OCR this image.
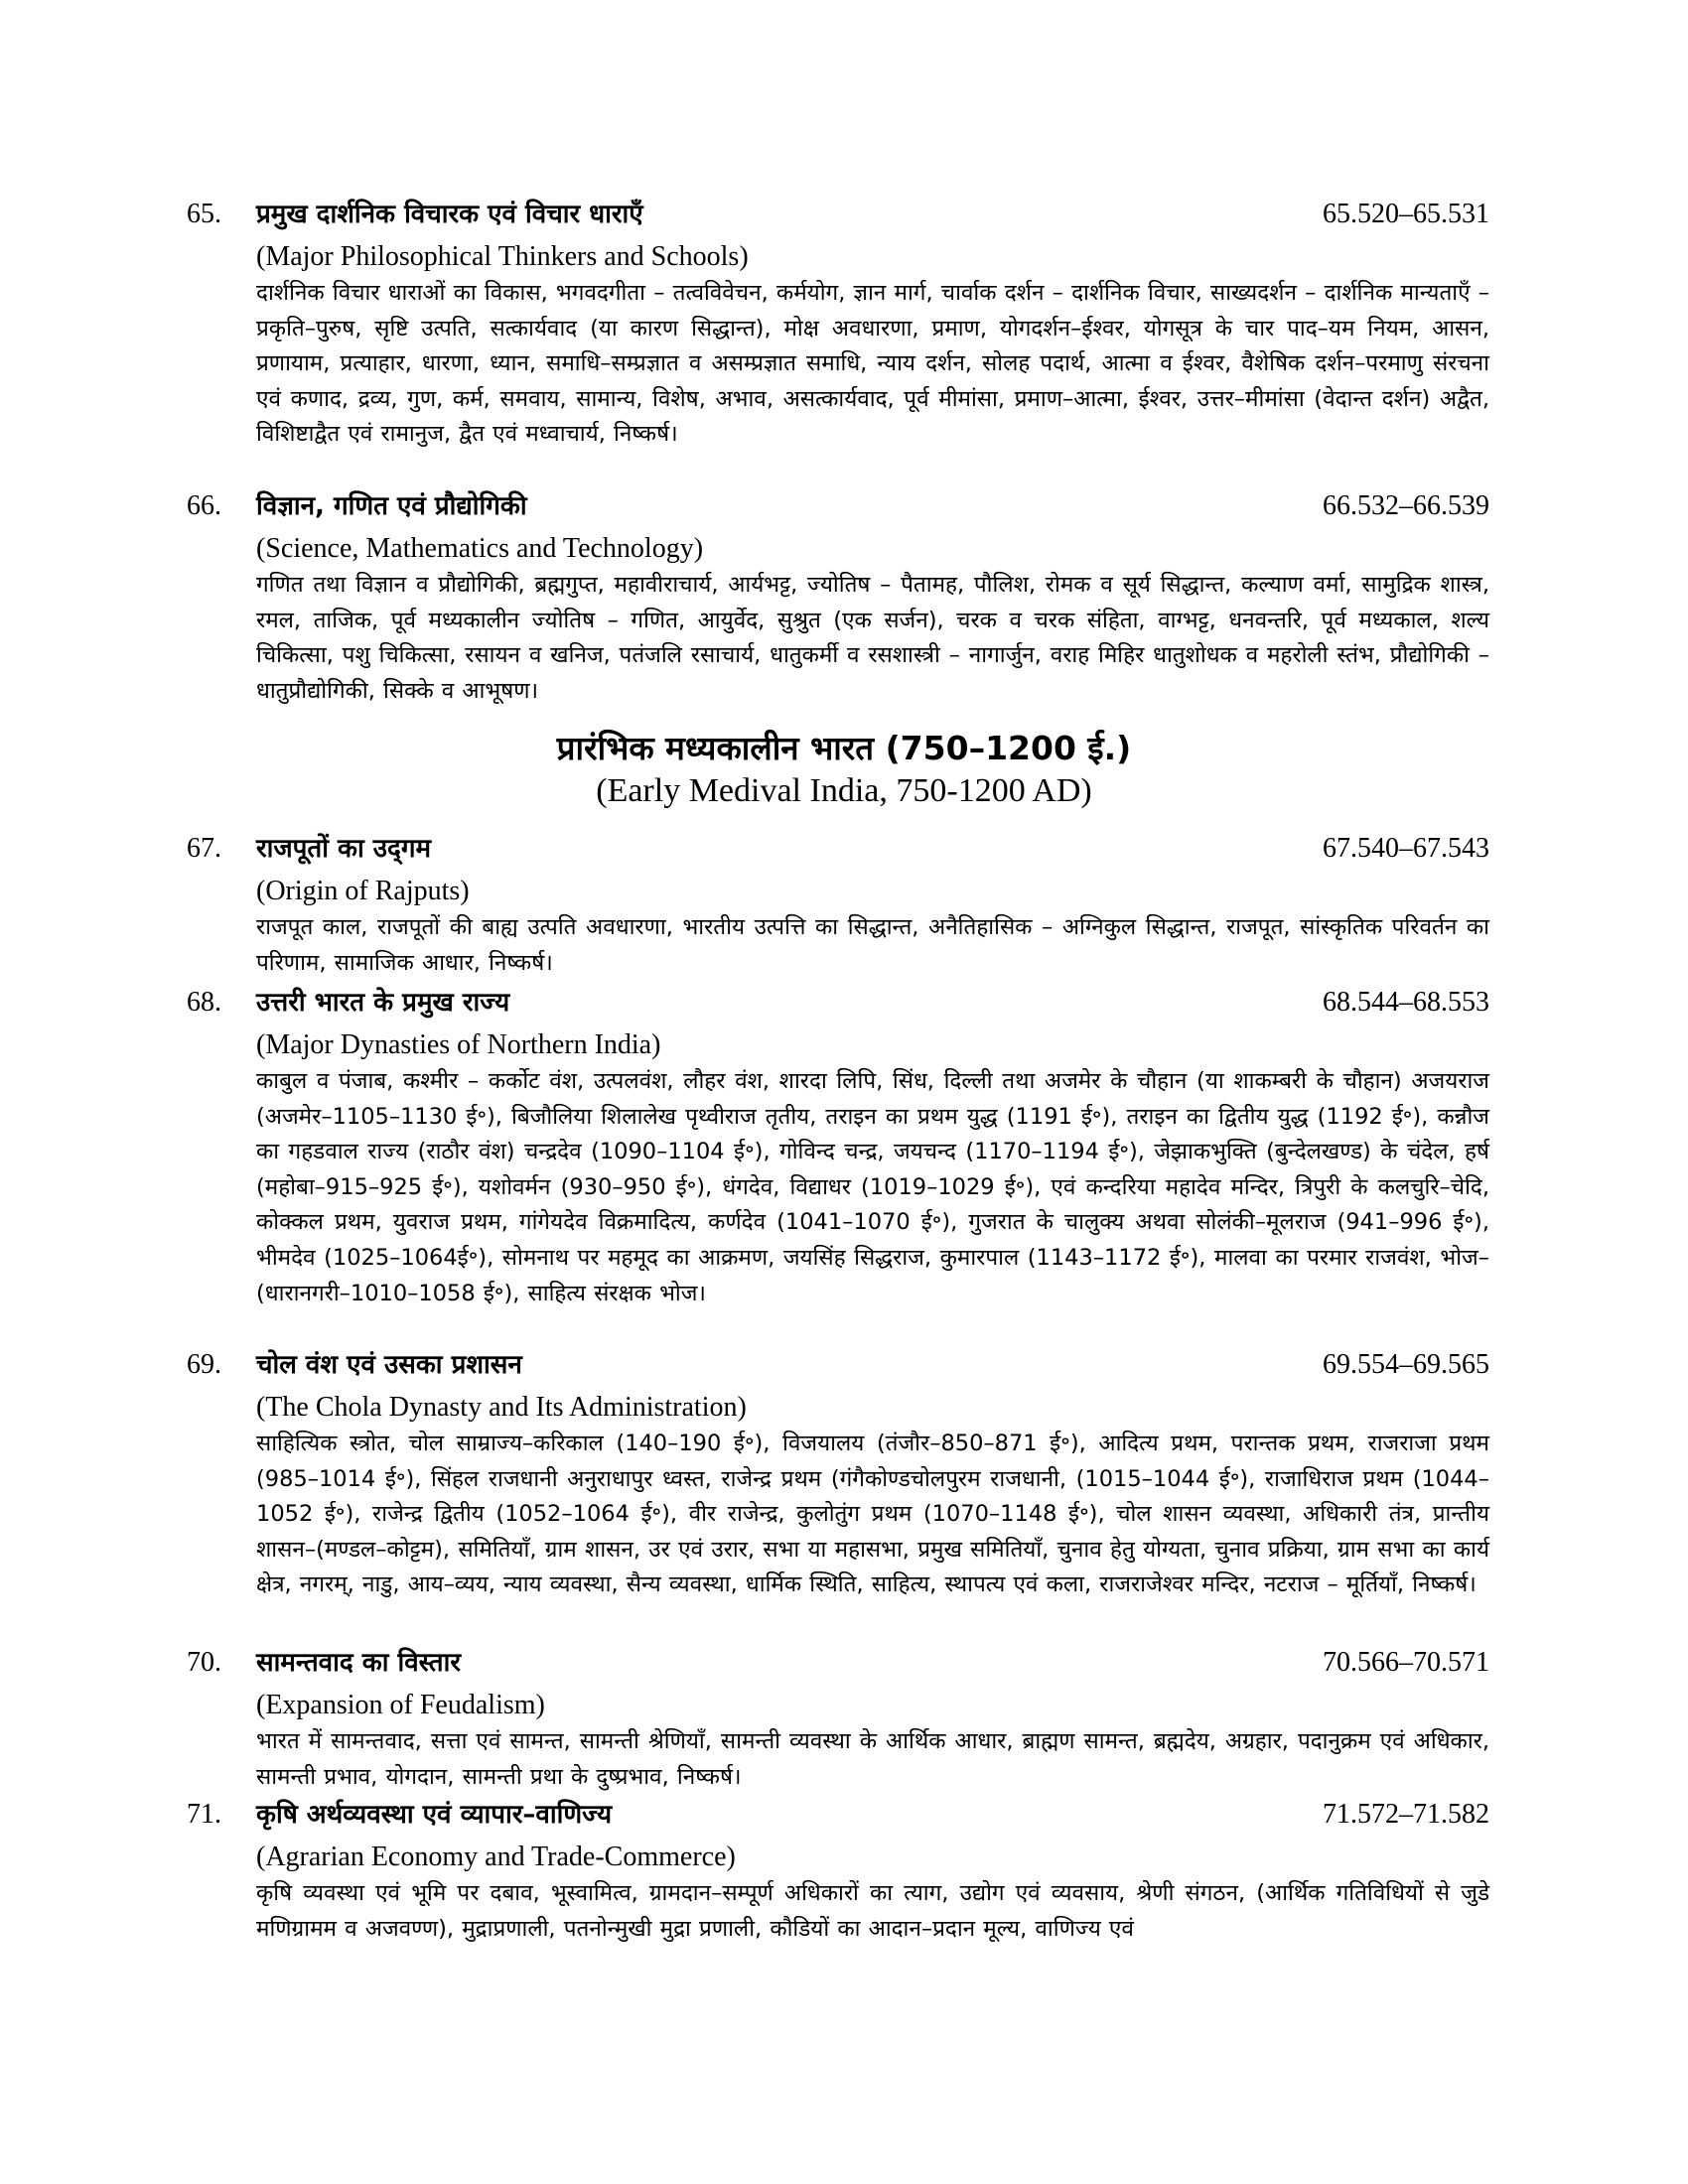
65. प्रमुख दार्शनिक विचारक एवं विचार धाराएँ	65.520–65.531
(Major Philosophical Thinkers and Schools)
दार्शनिक विचार धाराओं का विकास, भगवदगीता – तत्वविवेचन, कर्मयोग, ज्ञान मार्ग, चार्वाक दर्शन – दार्शनिक विचार, साख्यदर्शन – दार्शनिक मान्यताएँ – प्रकृति–पुरुष, सृष्टि उत्पति, सत्कार्यवाद (या कारण सिद्धान्त), मोक्ष अवधारणा, प्रमाण, योगदर्शन–ईश्वर, योगसूत्र के चार पाद–यम नियम, आसन, प्रणायाम, प्रत्याहार, धारणा, ध्यान, समाधि–सम्प्रज्ञात व असम्प्रज्ञात समाधि, न्याय दर्शन, सोलह पदार्थ, आत्मा व ईश्वर, वैशेषिक दर्शन–परमाणु संरचना एवं कणाद, द्रव्य, गुण, कर्म, समवाय, सामान्य, विशेष, अभाव, असत्कार्यवाद, पूर्व मीमांसा, प्रमाण–आत्मा, ईश्वर, उत्तर–मीमांसा (वेदान्त दर्शन) अद्वैत, विशिष्टाद्वैत एवं रामानुज, द्वैत एवं मध्वाचार्य, निष्कर्ष।
66. विज्ञान, गणित एवं प्रौद्योगिकी	66.532–66.539
(Science, Mathematics and Technology)
गणित तथा विज्ञान व प्रौद्योगिकी, ब्रह्मगुप्त, महावीराचार्य, आर्यभट्ट, ज्योतिष – पैतामह, पौलिश, रोमक व सूर्य सिद्धान्त, कल्याण वर्मा, सामुद्रिक शास्त्र, रमल, ताजिक, पूर्व मध्यकालीन ज्योतिष – गणित, आयुर्वेद, सुश्रुत (एक सर्जन), चरक व चरक संहिता, वाग्भट्ट, धनवन्तरि, पूर्व मध्यकाल, शल्य चिकित्सा, पशु चिकित्सा, रसायन व खनिज, पतंजलि रसाचार्य, धातुकर्मी व रसशास्त्री – नागार्जुन, वराह मिहिर धातुशोधक व महरोली स्तंभ, प्रौद्योगिकी – धातुप्रौद्योगिकी, सिक्के व आभूषण।
प्रारंभिक मध्यकालीन भारत (750–1200 ई.)
(Early Medival India, 750-1200 AD)
67. राजपूतों का उद्‌गम	67.540–67.543
(Origin of Rajputs)
राजपूत काल, राजपूतों की बाह्य उत्पति अवधारणा, भारतीय उत्पत्ति का सिद्धान्त, अनैतिहासिक – अग्निकुल सिद्धान्त, राजपूत, सांस्कृतिक परिवर्तन का परिणाम, सामाजिक आधार, निष्कर्ष।
68. उत्तरी भारत के प्रमुख राज्य	68.544–68.553
(Major Dynasties of Northern India)
काबुल व पंजाब, कश्मीर – कर्कोट वंश, उत्पलवंश, लौहर वंश, शारदा लिपि, सिंध, दिल्ली तथा अजमेर के चौहान (या शाकम्बरी के चौहान) अजयराज (अजमेर–1105–1130 ई॰), बिजौलिया शिलालेख पृथ्वीराज तृतीय, तराइन का प्रथम युद्ध (1191 ई॰), तराइन का द्वितीय युद्ध (1192 ई॰), कन्नौज का गहडवाल राज्य (राठौर वंश) चन्द्रदेव (1090–1104 ई॰), गोविन्द चन्द्र, जयचन्द (1170–1194 ई॰), जेझाकभुक्ति (बुन्देलखण्ड) के चंदेल, हर्ष (महोबा–915–925 ई॰), यशोवर्मन (930–950 ई॰), धंगदेव, विद्याधर (1019–1029 ई॰), एवं कन्दरिया महादेव मन्दिर, त्रिपुरी के कलचुरि–चेदि, कोक्कल प्रथम, युवराज प्रथम, गांगेयदेव विक्रमादित्य, कर्णदेव (1041–1070 ई॰), गुजरात के चालुक्य अथवा सोलंकी–मूलराज (941–996 ई॰), भीमदेव (1025–1064ई॰), सोमनाथ पर महमूद का आक्रमण, जयसिंह सिद्धराज, कुमारपाल (1143–1172 ई॰), मालवा का परमार राजवंश, भोज–(धारानगरी–1010–1058 ई॰), साहित्य संरक्षक भोज।
69. चोल वंश एवं उसका प्रशासन	69.554–69.565
(The Chola Dynasty and Its Administration)
साहित्यिक स्त्रोत, चोल साम्राज्य–करिकाल (140–190 ई॰), विजयालय (तंजौर–850–871 ई॰), आदित्य प्रथम, परान्तक प्रथम, राजराजा प्रथम (985–1014 ई॰), सिंहल राजधानी अनुराधापुर ध्वस्त, राजेन्द्र प्रथम (गंगैकोण्डचोलपुरम राजधानी, (1015–1044 ई॰), राजाधिराज प्रथम (1044–1052 ई॰), राजेन्द्र द्वितीय (1052–1064 ई॰), वीर राजेन्द्र, कुलोतुंग प्रथम (1070–1148 ई॰), चोल शासन व्यवस्था, अधिकारी तंत्र, प्रान्तीय शासन–(मण्डल–कोट्टम), समितियाँ, ग्राम शासन, उर एवं उरार, सभा या महासभा, प्रमुख समितियाँ, चुनाव हेतु योग्यता, चुनाव प्रक्रिया, ग्राम सभा का कार्य क्षेत्र, नगरम्, नाडु, आय–व्यय, न्याय व्यवस्था, सैन्य व्यवस्था, धार्मिक स्थिति, साहित्य, स्थापत्य एवं कला, राजराजेश्वर मन्दिर, नटराज – मूर्तियाँ, निष्कर्ष।
70. सामन्तवाद का विस्तार	70.566–70.571
(Expansion of Feudalism)
भारत में सामन्तवाद, सत्ता एवं सामन्त, सामन्ती श्रेणियाँ, सामन्ती व्यवस्था के आर्थिक आधार, ब्राह्मण सामन्त, ब्रह्मदेय, अग्रहार, पदानुक्रम एवं अधिकार, सामन्ती प्रभाव, योगदान, सामन्ती प्रथा के दुष्प्रभाव, निष्कर्ष।
71. कृषि अर्थव्यवस्था एवं व्यापार–वाणिज्य	71.572–71.582
(Agrarian Economy and Trade-Commerce)
कृषि व्यवस्था एवं भूमि पर दबाव, भूस्वामित्व, ग्रामदान–सम्पूर्ण अधिकारों का त्याग, उद्योग एवं व्यवसाय, श्रेणी संगठन, (आर्थिक गतिविधियों से जुडे मणिग्रामम व अजवण्ण), मुद्राप्रणाली, पतनोन्मुखी मुद्रा प्रणाली, कौडियों का आदान–प्रदान मूल्य, वाणिज्य एवं
